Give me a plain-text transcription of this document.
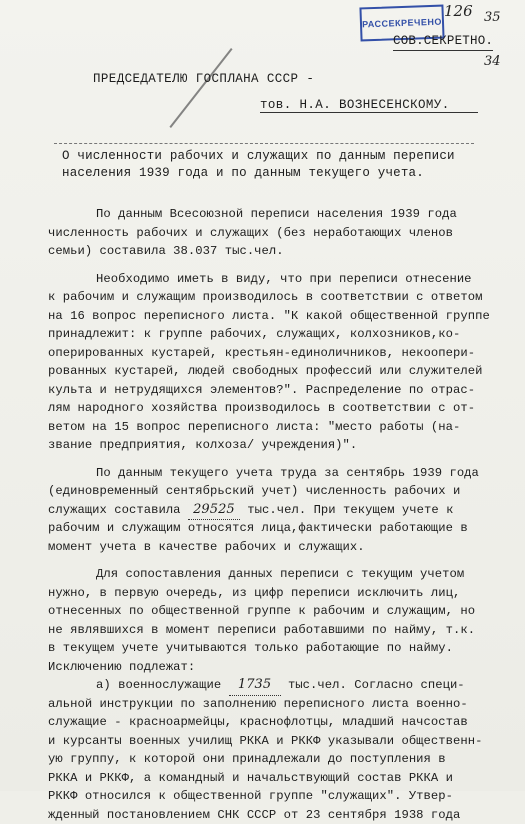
РАССЕКРЕЧЕНО
126 35
34
СОВ.СЕКРЕТНО.
ПРЕДСЕДАТЕЛЮ ГОСПЛАНА СССР -
тов. Н.А. ВОЗНЕСЕНСКОМУ.
О численности рабочих и служащих по данным переписи
населения 1939 года и по данным текущего учета.
По данным Всесоюзной переписи населения 1939 года
численность рабочих и служащих (без неработающих членов
семьи) составила 38.037 тыс.чел.
Необходимо иметь в виду, что при переписи отнесение
к рабочим и служащим производилось в соответствии с ответом
на 16 вопрос переписного листа. "К какой общественной группе
принадлежит: к группе рабочих, служащих, колхозников,ко-
оперированных кустарей, крестьян-единоличников, некоопери-
рованных кустарей, людей свободных профессий или служителей
культа и нетрудящихся элементов?". Распределение по отрас-
лям народного хозяйства производилось в соответствии с от-
ветом на 15 вопрос переписного листа: "место работы (на-
звание предприятия, колхоза/ учреждения)".
По данным текущего учета труда за сентябрь 1939 года
(единовременный сентябрьский учет) численность рабочих и
служащих составила 29525 тыс.чел. При текущем учете к
рабочим и служащим относятся лица,фактически работающие в
момент учета в качестве рабочих и служащих.
Для сопоставления данных переписи с текущим учетом
нужно, в первую очередь, из цифр переписи исключить лиц,
отнесенных по общественной группе к рабочим и служащим, но
не являвшихся в момент переписи работавшими по найму, т.к.
в текущем учете учитываются только работающие по найму.
Исключению подлежат:
а) военнослужащие 1735 тыс.чел. Согласно специ-
альной инструкции по заполнению переписного листа военно-
служащие - красноармейцы, краснофлотцы, младший начсостав
и курсанты военных училищ РККА и РККФ указывали общественн-
ую группу, к которой они принадлежали до поступления в
РККА и РККФ, а командный и начальствующий состав РККА и
РККФ относился к общественной группе "служащих". Утвер-
жденный постановлением СНК СССР от 23 сентября 1938 года
